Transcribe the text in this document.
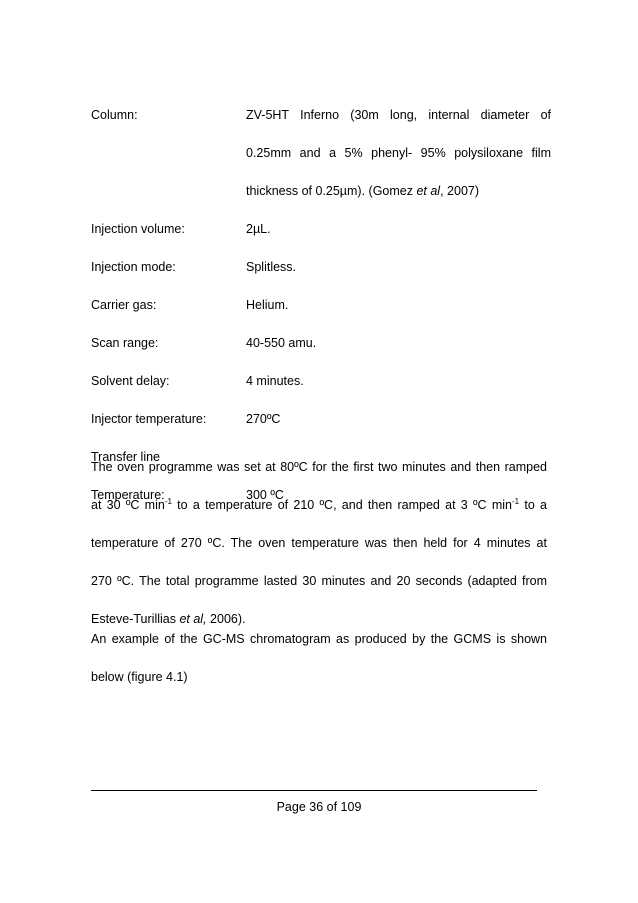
Column:	ZV-5HT Inferno (30m long, internal diameter of
0.25mm and a 5% phenyl- 95% polysiloxane film
thickness of 0.25µm). (Gomez et al, 2007)
Injection volume:	2µL.
Injection mode:	Splitless.
Carrier gas:	Helium.
Scan range:	40-550 amu.
Solvent delay:	4 minutes.
Injector temperature:	270ºC
Transfer line
Temperature:	300 ºC
The oven programme was set at 80ºC for the first two minutes and then ramped
at 30 ºC $\min^{-1}$ to a temperature of 210 ºC, and then ramped at 3 ºC $\min^{-1}$ to a
temperature of 270 ºC. The oven temperature was then held for 4 minutes at
270 ºC. The total programme lasted 30 minutes and 20 seconds (adapted from
Esteve-Turillias et al, 2006).
An example of the GC-MS chromatogram as produced by the GCMS is shown
below (figure 4.1)
Page 36 of 109
